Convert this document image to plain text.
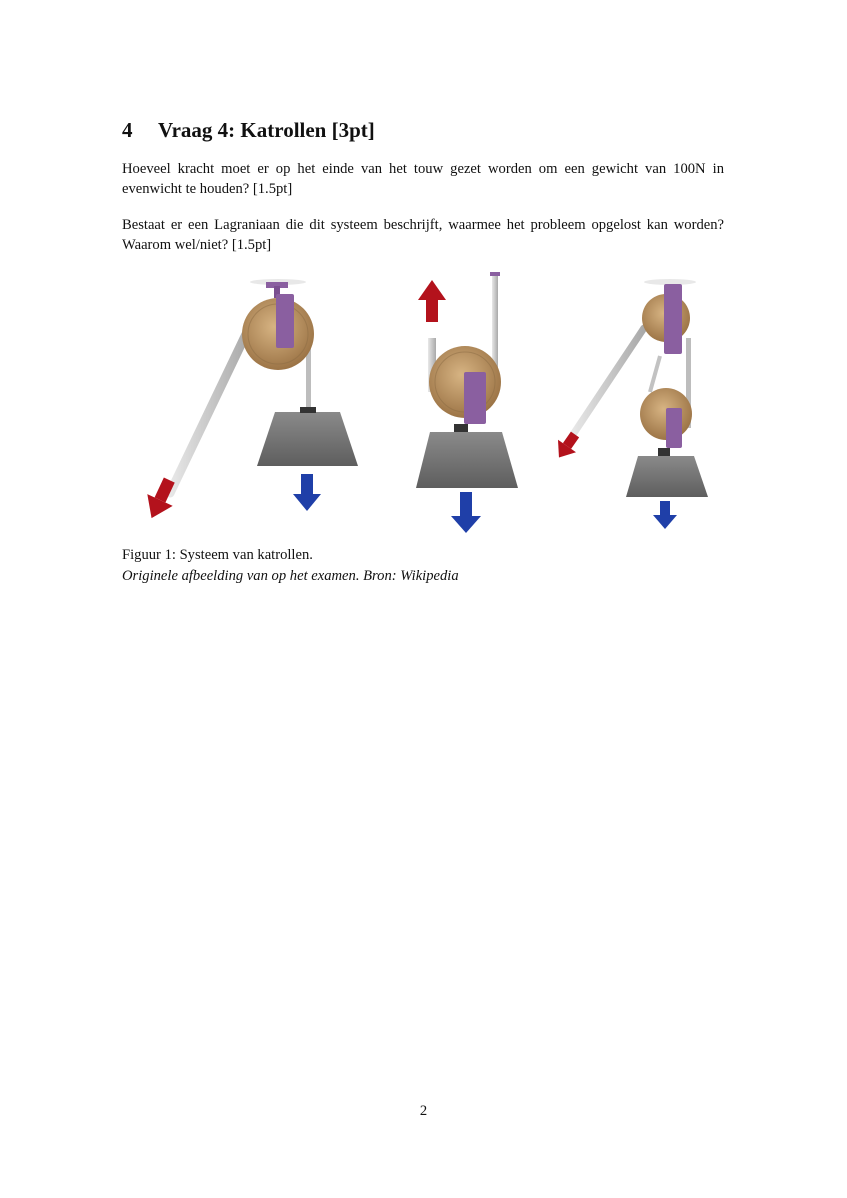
4 Vraag 4: Katrollen [3pt]

Hoeveel kracht moet er op het einde van het touw gezet worden om een gewicht van 100N in evenwicht te houden? [1.5pt]

Bestaat er een Lagraniaan die dit systeem beschrijft, waarmee het probleem opgelost kan worden? Waarom wel/niet? [1.5pt]

Figuur 1: Systeem van katrollen.

Originele afbeelding van op het examen. Bron: Wikipedia

2
